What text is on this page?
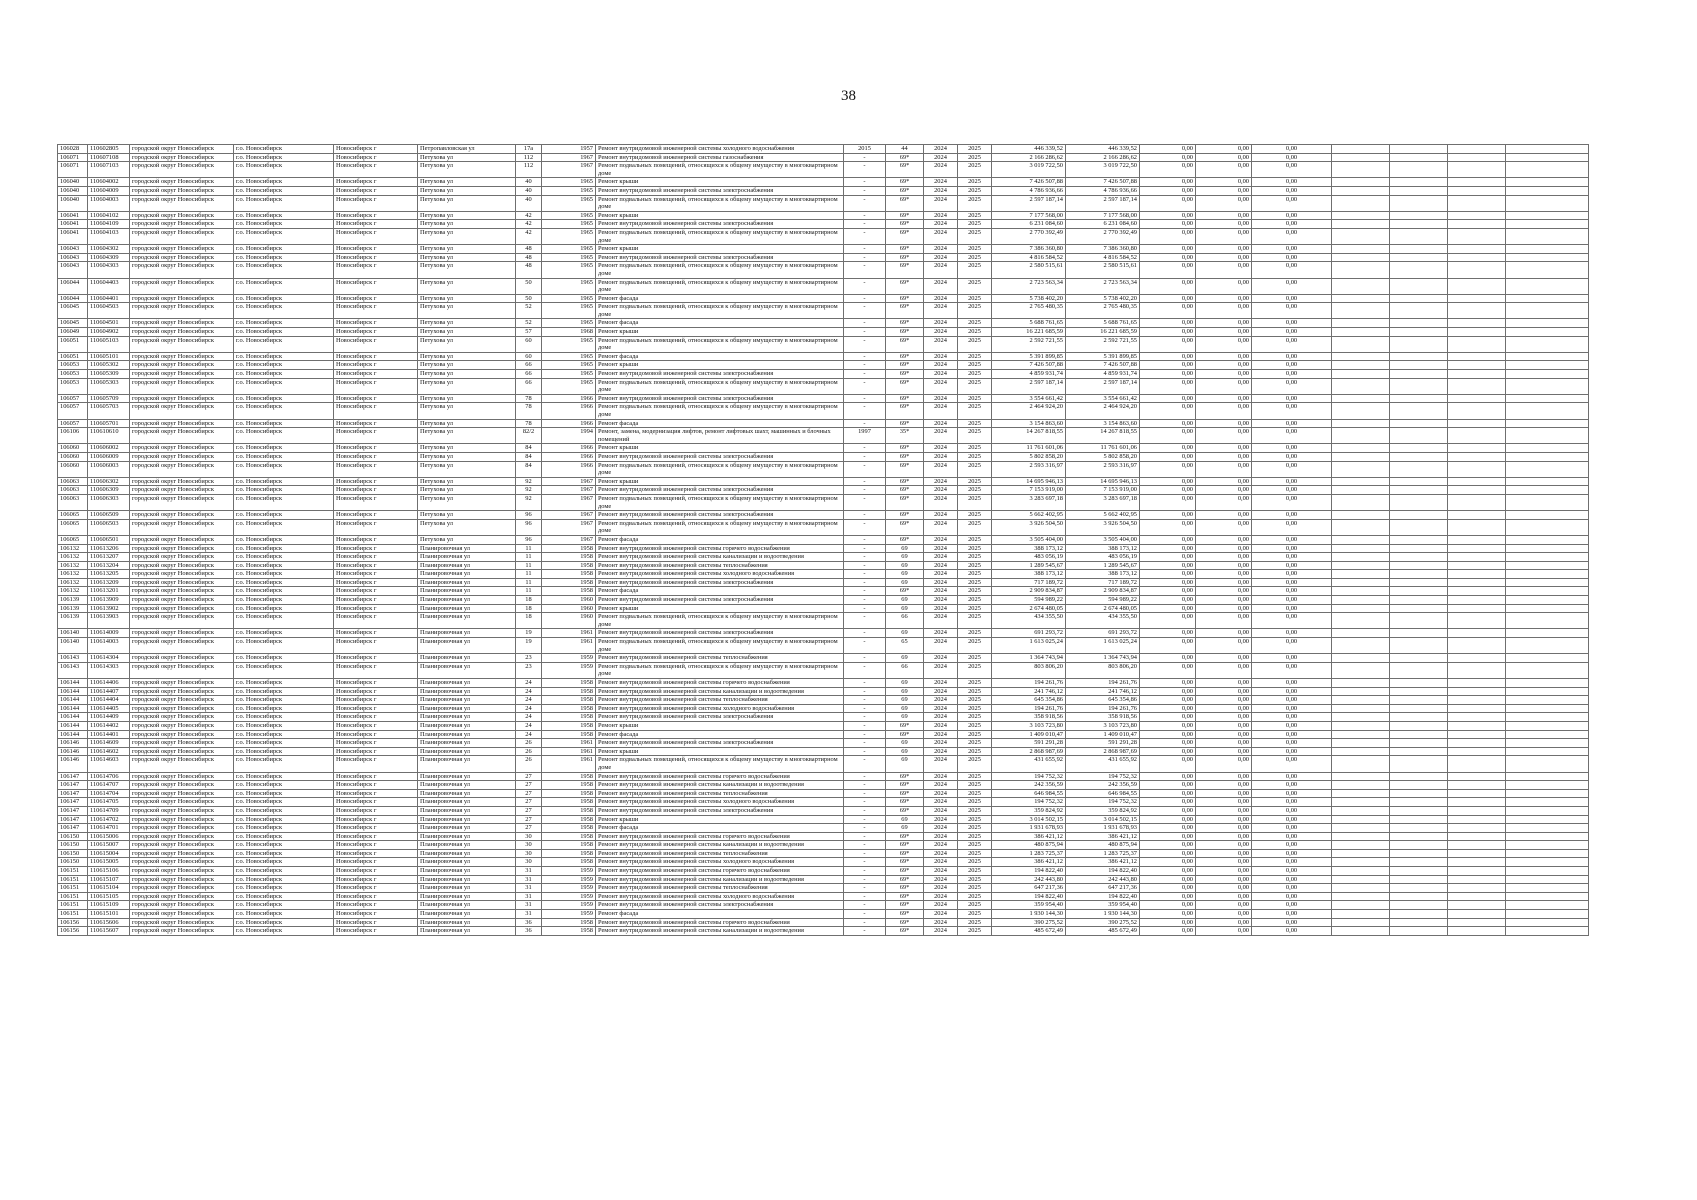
38
106028	110602805	городской округ Новосибирск	г.о. Новосибирск	Новосибирск г	Петропавловская ул	17а	1957	Ремонт внутридомовой инженерной системы холодного водоснабжения	2015	44	2024	2025	446 339,52	446 339,52	0,00	0,00	0,00				
106071	110607108	городской округ Новосибирск	г.о. Новосибирск	Новосибирск г	Петухова ул	112	1967	Ремонт внутридомовой инженерной системы газоснабжения	-	69*	2024	2025	2 166 286,62	2 166 286,62	0,00	0,00	0,00				
106071	110607103	городской округ Новосибирск	г.о. Новосибирск	Новосибирск г	Петухова ул	112	1967	Ремонт подвальных помещений, относящихся к общему имуществу в многоквартирном доме	-	69*	2024	2025	3 019 722,50	3 019 722,50	0,00	0,00	0,00				
106040	110604002	городской округ Новосибирск	г.о. Новосибирск	Новосибирск г	Петухова ул	40	1965	Ремонт крыши	-	69*	2024	2025	7 426 507,88	7 426 507,88	0,00	0,00	0,00				
106040	110604009	городской округ Новосибирск	г.о. Новосибирск	Новосибирск г	Петухова ул	40	1965	Ремонт внутридомовой инженерной системы электроснабжения	-	69*	2024	2025	4 786 936,66	4 786 936,66	0,00	0,00	0,00				
106040	110604003	городской округ Новосибирск	г.о. Новосибирск	Новосибирск г	Петухова ул	40	1965	Ремонт подвальных помещений, относящихся к общему имуществу в многоквартирном доме	-	69*	2024	2025	2 597 187,14	2 597 187,14	0,00	0,00	0,00				
106041	110604102	городской округ Новосибирск	г.о. Новосибирск	Новосибирск г	Петухова ул	42	1965	Ремонт крыши	-	69*	2024	2025	7 177 568,00	7 177 568,00	0,00	0,00	0,00				
106041	110604109	городской округ Новосибирск	г.о. Новосибирск	Новосибирск г	Петухова ул	42	1965	Ремонт внутридомовой инженерной системы электроснабжения	-	69*	2024	2025	6 231 084,60	6 231 084,60	0,00	0,00	0,00				
106041	110604103	городской округ Новосибирск	г.о. Новосибирск	Новосибирск г	Петухова ул	42	1965	Ремонт подвальных помещений, относящихся к общему имуществу в многоквартирном доме	-	69*	2024	2025	2 770 392,49	2 770 392,49	0,00	0,00	0,00				
106043	110604302	городской округ Новосибирск	г.о. Новосибирск	Новосибирск г	Петухова ул	48	1965	Ремонт крыши	-	69*	2024	2025	7 386 360,80	7 386 360,80	0,00	0,00	0,00				
106043	110604309	городской округ Новосибирск	г.о. Новосибирск	Новосибирск г	Петухова ул	48	1965	Ремонт внутридомовой инженерной системы электроснабжения	-	69*	2024	2025	4 816 584,52	4 816 584,52	0,00	0,00	0,00				
106043	110604303	городской округ Новосибирск	г.о. Новосибирск	Новосибирск г	Петухова ул	48	1965	Ремонт подвальных помещений, относящихся к общему имуществу в многоквартирном доме	-	69*	2024	2025	2 580 515,61	2 580 515,61	0,00	0,00	0,00				
106044	110604403	городской округ Новосибирск	г.о. Новосибирск	Новосибирск г	Петухова ул	50	1965	Ремонт подвальных помещений, относящихся к общему имуществу в многоквартирном доме	-	69*	2024	2025	2 723 563,34	2 723 563,34	0,00	0,00	0,00				
106044	110604401	городской округ Новосибирск	г.о. Новосибирск	Новосибирск г	Петухова ул	50	1965	Ремонт фасада	-	69*	2024	2025	5 738 402,20	5 738 402,20	0,00	0,00	0,00				
106045	110604503	городской округ Новосибирск	г.о. Новосибирск	Новосибирск г	Петухова ул	52	1965	Ремонт подвальных помещений, относящихся к общему имуществу в многоквартирном доме	-	69*	2024	2025	2 765 480,35	2 765 480,35	0,00	0,00	0,00				
106045	110604501	городской округ Новосибирск	г.о. Новосибирск	Новосибирск г	Петухова ул	52	1965	Ремонт фасада	-	69*	2024	2025	5 688 761,65	5 688 761,65	0,00	0,00	0,00				
106049	110604902	городской округ Новосибирск	г.о. Новосибирск	Новосибирск г	Петухова ул	57	1968	Ремонт крыши	-	69*	2024	2025	16 221 685,59	16 221 685,59	0,00	0,00	0,00				
106051	110605103	городской округ Новосибирск	г.о. Новосибирск	Новосибирск г	Петухова ул	60	1965	Ремонт подвальных помещений, относящихся к общему имуществу в многоквартирном доме	-	69*	2024	2025	2 592 721,55	2 592 721,55	0,00	0,00	0,00				
106051	110605101	городской округ Новосибирск	г.о. Новосибирск	Новосибирск г	Петухова ул	60	1965	Ремонт фасада	-	69*	2024	2025	5 391 899,85	5 391 899,85	0,00	0,00	0,00				
106053	110605302	городской округ Новосибирск	г.о. Новосибирск	Новосибирск г	Петухова ул	66	1965	Ремонт крыши	-	69*	2024	2025	7 426 507,88	7 426 507,88	0,00	0,00	0,00				
106053	110605309	городской округ Новосибирск	г.о. Новосибирск	Новосибирск г	Петухова ул	66	1965	Ремонт внутридомовой инженерной системы электроснабжения	-	69*	2024	2025	4 859 931,74	4 859 931,74	0,00	0,00	0,00				
106053	110605303	городской округ Новосибирск	г.о. Новосибирск	Новосибирск г	Петухова ул	66	1965	Ремонт подвальных помещений, относящихся к общему имуществу в многоквартирном доме	-	69*	2024	2025	2 597 187,14	2 597 187,14	0,00	0,00	0,00				
106057	110605709	городской округ Новосибирск	г.о. Новосибирск	Новосибирск г	Петухова ул	78	1966	Ремонт внутридомовой инженерной системы электроснабжения	-	69*	2024	2025	3 554 661,42	3 554 661,42	0,00	0,00	0,00				
106057	110605703	городской округ Новосибирск	г.о. Новосибирск	Новосибирск г	Петухова ул	78	1966	Ремонт подвальных помещений, относящихся к общему имуществу в многоквартирном доме	-	69*	2024	2025	2 464 924,20	2 464 924,20	0,00	0,00	0,00				
106057	110605701	городской округ Новосибирск	г.о. Новосибирск	Новосибирск г	Петухова ул	78	1966	Ремонт фасада	-	69*	2024	2025	3 154 863,60	3 154 863,60	0,00	0,00	0,00				
106106	110610610	городской округ Новосибирск	г.о. Новосибирск	Новосибирск г	Петухова ул	82/2	1994	Ремонт, замена, модернизация лифтов, ремонт лифтовых шахт, машинных и блочных помещений	1997	35*	2024	2025	14 267 818,55	14 267 818,55	0,00	0,00	0,00				
106060	110606002	городской округ Новосибирск	г.о. Новосибирск	Новосибирск г	Петухова ул	84	1966	Ремонт крыши	-	69*	2024	2025	11 761 601,06	11 761 601,06	0,00	0,00	0,00				
106060	110606009	городской округ Новосибирск	г.о. Новосибирск	Новосибирск г	Петухова ул	84	1966	Ремонт внутридомовой инженерной системы электроснабжения	-	69*	2024	2025	5 802 858,20	5 802 858,20	0,00	0,00	0,00				
106060	110606003	городской округ Новосибирск	г.о. Новосибирск	Новосибирск г	Петухова ул	84	1966	Ремонт подвальных помещений, относящихся к общему имуществу в многоквартирном доме	-	69*	2024	2025	2 593 316,97	2 593 316,97	0,00	0,00	0,00				
106063	110606302	городской округ Новосибирск	г.о. Новосибирск	Новосибирск г	Петухова ул	92	1967	Ремонт крыши	-	69*	2024	2025	14 695 946,13	14 695 946,13	0,00	0,00	0,00				
106063	110606309	городской округ Новосибирск	г.о. Новосибирск	Новосибирск г	Петухова ул	92	1967	Ремонт внутридомовой инженерной системы электроснабжения	-	69*	2024	2025	7 153 919,00	7 153 919,00	0,00	0,00	0,00				
106063	110606303	городской округ Новосибирск	г.о. Новосибирск	Новосибирск г	Петухова ул	92	1967	Ремонт подвальных помещений, относящихся к общему имуществу в многоквартирном доме	-	69*	2024	2025	3 283 697,18	3 283 697,18	0,00	0,00	0,00				
106065	110606509	городской округ Новосибирск	г.о. Новосибирск	Новосибирск г	Петухова ул	96	1967	Ремонт внутридомовой инженерной системы электроснабжения	-	69*	2024	2025	5 662 402,95	5 662 402,95	0,00	0,00	0,00				
106065	110606503	городской округ Новосибирск	г.о. Новосибирск	Новосибирск г	Петухова ул	96	1967	Ремонт подвальных помещений, относящихся к общему имуществу в многоквартирном доме	-	69*	2024	2025	3 926 504,50	3 926 504,50	0,00	0,00	0,00				
106065	110606501	городской округ Новосибирск	г.о. Новосибирск	Новосибирск г	Петухова ул	96	1967	Ремонт фасада	-	69*	2024	2025	3 505 404,00	3 505 404,00	0,00	0,00	0,00				
106132	110613206	городской округ Новосибирск	г.о. Новосибирск	Новосибирск г	Планировочная ул	11	1958	Ремонт внутридомовой инженерной системы горячего водоснабжения	-	69	2024	2025	388 173,12	388 173,12	0,00	0,00	0,00				
106132	110613207	городской округ Новосибирск	г.о. Новосибирск	Новосибирск г	Планировочная ул	11	1958	Ремонт внутридомовой инженерной системы канализации и водоотведения	-	69	2024	2025	483 056,19	483 056,19	0,00	0,00	0,00				
106132	110613204	городской округ Новосибирск	г.о. Новосибирск	Новосибирск г	Планировочная ул	11	1958	Ремонт внутридомовой инженерной системы теплоснабжения	-	69	2024	2025	1 289 545,67	1 289 545,67	0,00	0,00	0,00				
106132	110613205	городской округ Новосибирск	г.о. Новосибирск	Новосибирск г	Планировочная ул	11	1958	Ремонт внутридомовой инженерной системы холодного водоснабжения	-	69	2024	2025	388 173,12	388 173,12	0,00	0,00	0,00				
106132	110613209	городской округ Новосибирск	г.о. Новосибирск	Новосибирск г	Планировочная ул	11	1958	Ремонт внутридомовой инженерной системы электроснабжения	-	69	2024	2025	717 189,72	717 189,72	0,00	0,00	0,00				
106132	110613201	городской округ Новосибирск	г.о. Новосибирск	Новосибирск г	Планировочная ул	11	1958	Ремонт фасада	-	69*	2024	2025	2 909 834,87	2 909 834,87	0,00	0,00	0,00				
106139	110613909	городской округ Новосибирск	г.о. Новосибирск	Новосибирск г	Планировочная ул	18	1960	Ремонт внутридомовой инженерной системы электроснабжения	-	69	2024	2025	594 989,22	594 989,22	0,00	0,00	0,00				
106139	110613902	городской округ Новосибирск	г.о. Новосибирск	Новосибирск г	Планировочная ул	18	1960	Ремонт крыши	-	69	2024	2025	2 674 480,05	2 674 480,05	0,00	0,00	0,00				
106139	110613903	городской округ Новосибирск	г.о. Новосибирск	Новосибирск г	Планировочная ул	18	1960	Ремонт подвальных помещений, относящихся к общему имуществу в многоквартирном доме	-	66	2024	2025	434 355,50	434 355,50	0,00	0,00	0,00				
106140	110614009	городской округ Новосибирск	г.о. Новосибирск	Новосибирск г	Планировочная ул	19	1961	Ремонт внутридомовой инженерной системы электроснабжения	-	69	2024	2025	691 293,72	691 293,72	0,00	0,00	0,00				
106140	110614003	городской округ Новосибирск	г.о. Новосибирск	Новосибирск г	Планировочная ул	19	1961	Ремонт подвальных помещений, относящихся к общему имуществу в многоквартирном доме	-	65	2024	2025	1 613 025,24	1 613 025,24	0,00	0,00	0,00				
106143	110614304	городской округ Новосибирск	г.о. Новосибирск	Новосибирск г	Планировочная ул	23	1959	Ремонт внутридомовой инженерной системы теплоснабжения	-	69	2024	2025	1 364 743,94	1 364 743,94	0,00	0,00	0,00				
106143	110614303	городской округ Новосибирск	г.о. Новосибирск	Новосибирск г	Планировочная ул	23	1959	Ремонт подвальных помещений, относящихся к общему имуществу в многоквартирном доме	-	66	2024	2025	803 806,20	803 806,20	0,00	0,00	0,00				
106144	110614406	городской округ Новосибирск	г.о. Новосибирск	Новосибирск г	Планировочная ул	24	1958	Ремонт внутридомовой инженерной системы горячего водоснабжения	-	69	2024	2025	194 261,76	194 261,76	0,00	0,00	0,00				
106144	110614407	городской округ Новосибирск	г.о. Новосибирск	Новосибирск г	Планировочная ул	24	1958	Ремонт внутридомовой инженерной системы канализации и водоотведения	-	69	2024	2025	241 746,12	241 746,12	0,00	0,00	0,00				
106144	110614404	городской округ Новосибирск	г.о. Новосибирск	Новосибирск г	Планировочная ул	24	1958	Ремонт внутридомовой инженерной системы теплоснабжения	-	69	2024	2025	645 354,86	645 354,86	0,00	0,00	0,00				
106144	110614405	городской округ Новосибирск	г.о. Новосибирск	Новосибирск г	Планировочная ул	24	1958	Ремонт внутридомовой инженерной системы холодного водоснабжения	-	69	2024	2025	194 261,76	194 261,76	0,00	0,00	0,00				
106144	110614409	городской округ Новосибирск	г.о. Новосибирск	Новосибирск г	Планировочная ул	24	1958	Ремонт внутридомовой инженерной системы электроснабжения	-	69	2024	2025	358 918,56	358 918,56	0,00	0,00	0,00				
106144	110614402	городской округ Новосибирск	г.о. Новосибирск	Новосибирск г	Планировочная ул	24	1958	Ремонт крыши	-	69*	2024	2025	3 103 723,80	3 103 723,80	0,00	0,00	0,00				
106144	110614401	городской округ Новосибирск	г.о. Новосибирск	Новосибирск г	Планировочная ул	24	1958	Ремонт фасада	-	69*	2024	2025	1 409 010,47	1 409 010,47	0,00	0,00	0,00				
106146	110614609	городской округ Новосибирск	г.о. Новосибирск	Новосибирск г	Планировочная ул	26	1961	Ремонт внутридомовой инженерной системы электроснабжения	-	69	2024	2025	591 291,28	591 291,28	0,00	0,00	0,00				
106146	110614602	городской округ Новосибирск	г.о. Новосибирск	Новосибирск г	Планировочная ул	26	1961	Ремонт крыши	-	69	2024	2025	2 868 987,69	2 868 987,69	0,00	0,00	0,00				
106146	110614603	городской округ Новосибирск	г.о. Новосибирск	Новосибирск г	Планировочная ул	26	1961	Ремонт подвальных помещений, относящихся к общему имуществу в многоквартирном доме	-	69	2024	2025	431 655,92	431 655,92	0,00	0,00	0,00				
106147	110614706	городской округ Новосибирск	г.о. Новосибирск	Новосибирск г	Планировочная ул	27	1958	Ремонт внутридомовой инженерной системы горячего водоснабжения	-	69*	2024	2025	194 752,32	194 752,32	0,00	0,00	0,00				
106147	110614707	городской округ Новосибирск	г.о. Новосибирск	Новосибирск г	Планировочная ул	27	1958	Ремонт внутридомовой инженерной системы канализации и водоотведения	-	69*	2024	2025	242 356,59	242 356,59	0,00	0,00	0,00				
106147	110614704	городской округ Новосибирск	г.о. Новосибирск	Новосибирск г	Планировочная ул	27	1958	Ремонт внутридомовой инженерной системы теплоснабжения	-	69*	2024	2025	646 984,55	646 984,55	0,00	0,00	0,00				
106147	110614705	городской округ Новосибирск	г.о. Новосибирск	Новосибирск г	Планировочная ул	27	1958	Ремонт внутридомовой инженерной системы холодного водоснабжения	-	69*	2024	2025	194 752,32	194 752,32	0,00	0,00	0,00				
106147	110614709	городской округ Новосибирск	г.о. Новосибирск	Новосибирск г	Планировочная ул	27	1958	Ремонт внутридомовой инженерной системы электроснабжения	-	69*	2024	2025	359 824,92	359 824,92	0,00	0,00	0,00				
106147	110614702	городской округ Новосибирск	г.о. Новосибирск	Новосибирск г	Планировочная ул	27	1958	Ремонт крыши	-	69	2024	2025	3 014 502,15	3 014 502,15	0,00	0,00	0,00				
106147	110614701	городской округ Новосибирск	г.о. Новосибирск	Новосибирск г	Планировочная ул	27	1958	Ремонт фасада	-	69	2024	2025	1 931 678,93	1 931 678,93	0,00	0,00	0,00				
106150	110615006	городской округ Новосибирск	г.о. Новосибирск	Новосибирск г	Планировочная ул	30	1958	Ремонт внутридомовой инженерной системы горячего водоснабжения	-	69*	2024	2025	386 421,12	386 421,12	0,00	0,00	0,00				
106150	110615007	городской округ Новосибирск	г.о. Новосибирск	Новосибирск г	Планировочная ул	30	1958	Ремонт внутридомовой инженерной системы канализации и водоотведения	-	69*	2024	2025	480 875,94	480 875,94	0,00	0,00	0,00				
106150	110615004	городской округ Новосибирск	г.о. Новосибирск	Новосибирск г	Планировочная ул	30	1958	Ремонт внутридомовой инженерной системы теплоснабжения	-	69*	2024	2025	1 283 725,37	1 283 725,37	0,00	0,00	0,00				
106150	110615005	городской округ Новосибирск	г.о. Новосибирск	Новосибирск г	Планировочная ул	30	1958	Ремонт внутридомовой инженерной системы холодного водоснабжения	-	69*	2024	2025	386 421,12	386 421,12	0,00	0,00	0,00				
106151	110615106	городской округ Новосибирск	г.о. Новосибирск	Новосибирск г	Планировочная ул	31	1959	Ремонт внутридомовой инженерной системы горячего водоснабжения	-	69*	2024	2025	194 822,40	194 822,40	0,00	0,00	0,00				
106151	110615107	городской округ Новосибирск	г.о. Новосибирск	Новосибирск г	Планировочная ул	31	1959	Ремонт внутридомовой инженерной системы канализации и водоотведения	-	69*	2024	2025	242 443,80	242 443,80	0,00	0,00	0,00				
106151	110615104	городской округ Новосибирск	г.о. Новосибирск	Новосибирск г	Планировочная ул	31	1959	Ремонт внутридомовой инженерной системы теплоснабжения	-	69*	2024	2025	647 217,36	647 217,36	0,00	0,00	0,00				
106151	110615105	городской округ Новосибирск	г.о. Новосибирск	Новосибирск г	Планировочная ул	31	1959	Ремонт внутридомовой инженерной системы холодного водоснабжения	-	69*	2024	2025	194 822,40	194 822,40	0,00	0,00	0,00				
106151	110615109	городской округ Новосибирск	г.о. Новосибирск	Новосибирск г	Планировочная ул	31	1959	Ремонт внутридомовой инженерной системы электроснабжения	-	69*	2024	2025	359 954,40	359 954,40	0,00	0,00	0,00				
106151	110615101	городской округ Новосибирск	г.о. Новосибирск	Новосибирск г	Планировочная ул	31	1959	Ремонт фасада	-	69*	2024	2025	1 930 144,30	1 930 144,30	0,00	0,00	0,00				
106156	110615606	городской округ Новосибирск	г.о. Новосибирск	Новосибирск г	Планировочная ул	36	1958	Ремонт внутридомовой инженерной системы горячего водоснабжения	-	69*	2024	2025	390 275,52	390 275,52	0,00	0,00	0,00				
106156	110615607	городской округ Новосибирск	г.о. Новосибирск	Новосибирск г	Планировочная ул	36	1958	Ремонт внутридомовой инженерной системы канализации и водоотведения	-	69*	2024	2025	485 672,49	485 672,49	0,00	0,00	0,00				
